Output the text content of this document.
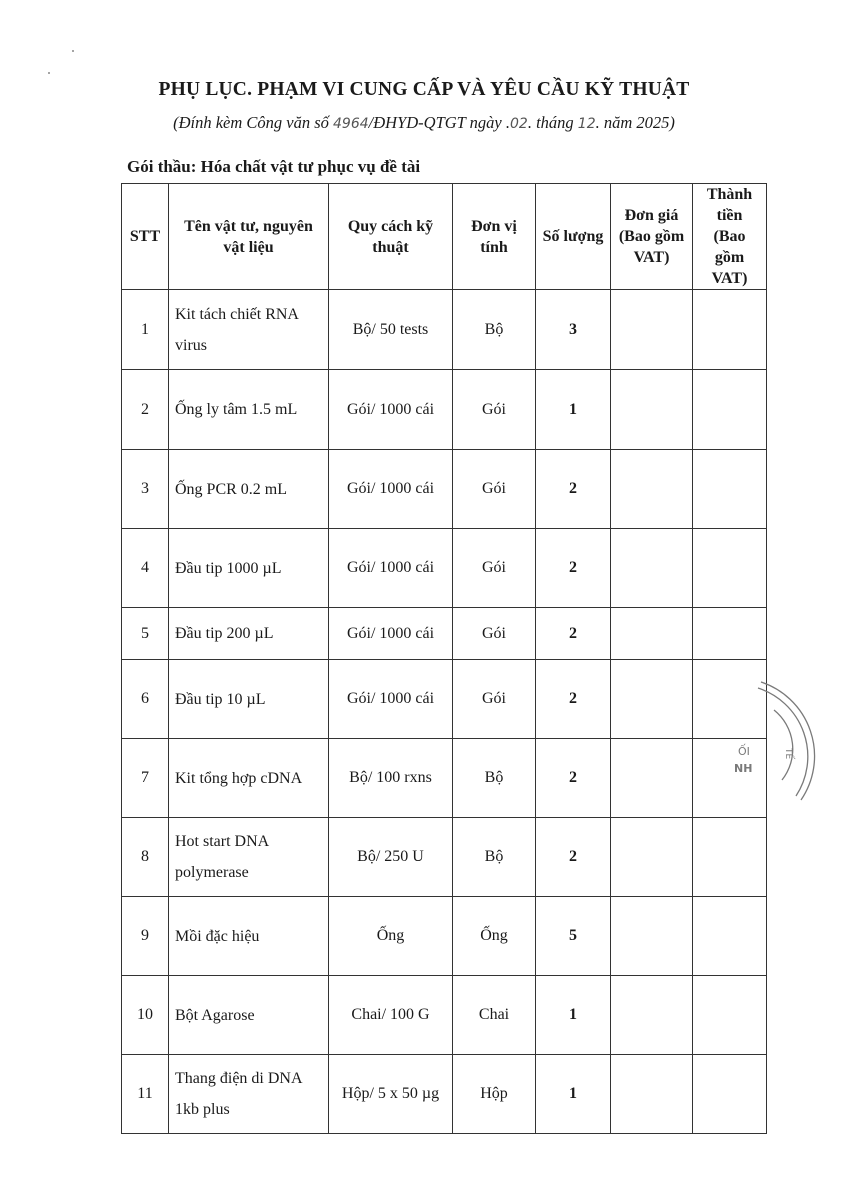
PHỤ LỤC. PHẠM VI CUNG CẤP VÀ YÊU CẦU KỸ THUẬT
(Đính kèm Công văn số 4964/ĐHYD-QTGT ngày .02. tháng 12. năm 2025)
Gói thầu: Hóa chất vật tư phục vụ đề tài
STT	Tên vật tư, nguyên vật liệu	Quy cách kỹ thuật	Đơn vị tính	Số lượng	Đơn giá (Bao gồm VAT)	Thành tiền (Bao gồm VAT)
1	Kit tách chiết RNA virus	Bộ/ 50 tests	Bộ	3		
2	Ống ly tâm 1.5 mL	Gói/ 1000 cái	Gói	1		
3	Ống PCR 0.2 mL	Gói/ 1000 cái	Gói	2		
4	Đầu tip 1000 µL	Gói/ 1000 cái	Gói	2		
5	Đầu tip 200 µL	Gói/ 1000 cái	Gói	2		
6	Đầu tip 10 µL	Gói/ 1000 cái	Gói	2		
7	Kit tổng hợp cDNA	Bộ/ 100 rxns	Bộ	2		
8	Hot start DNA polymerase	Bộ/ 250 U	Bộ	2		
9	Mồi đặc hiệu	Ống	Ống	5		
10	Bột Agarose	Chai/ 100 G	Chai	1		
11	Thang điện di DNA 1kb plus	Hộp/ 5 x 50 µg	Hộp	1		
ỐI
NH
TẾ
